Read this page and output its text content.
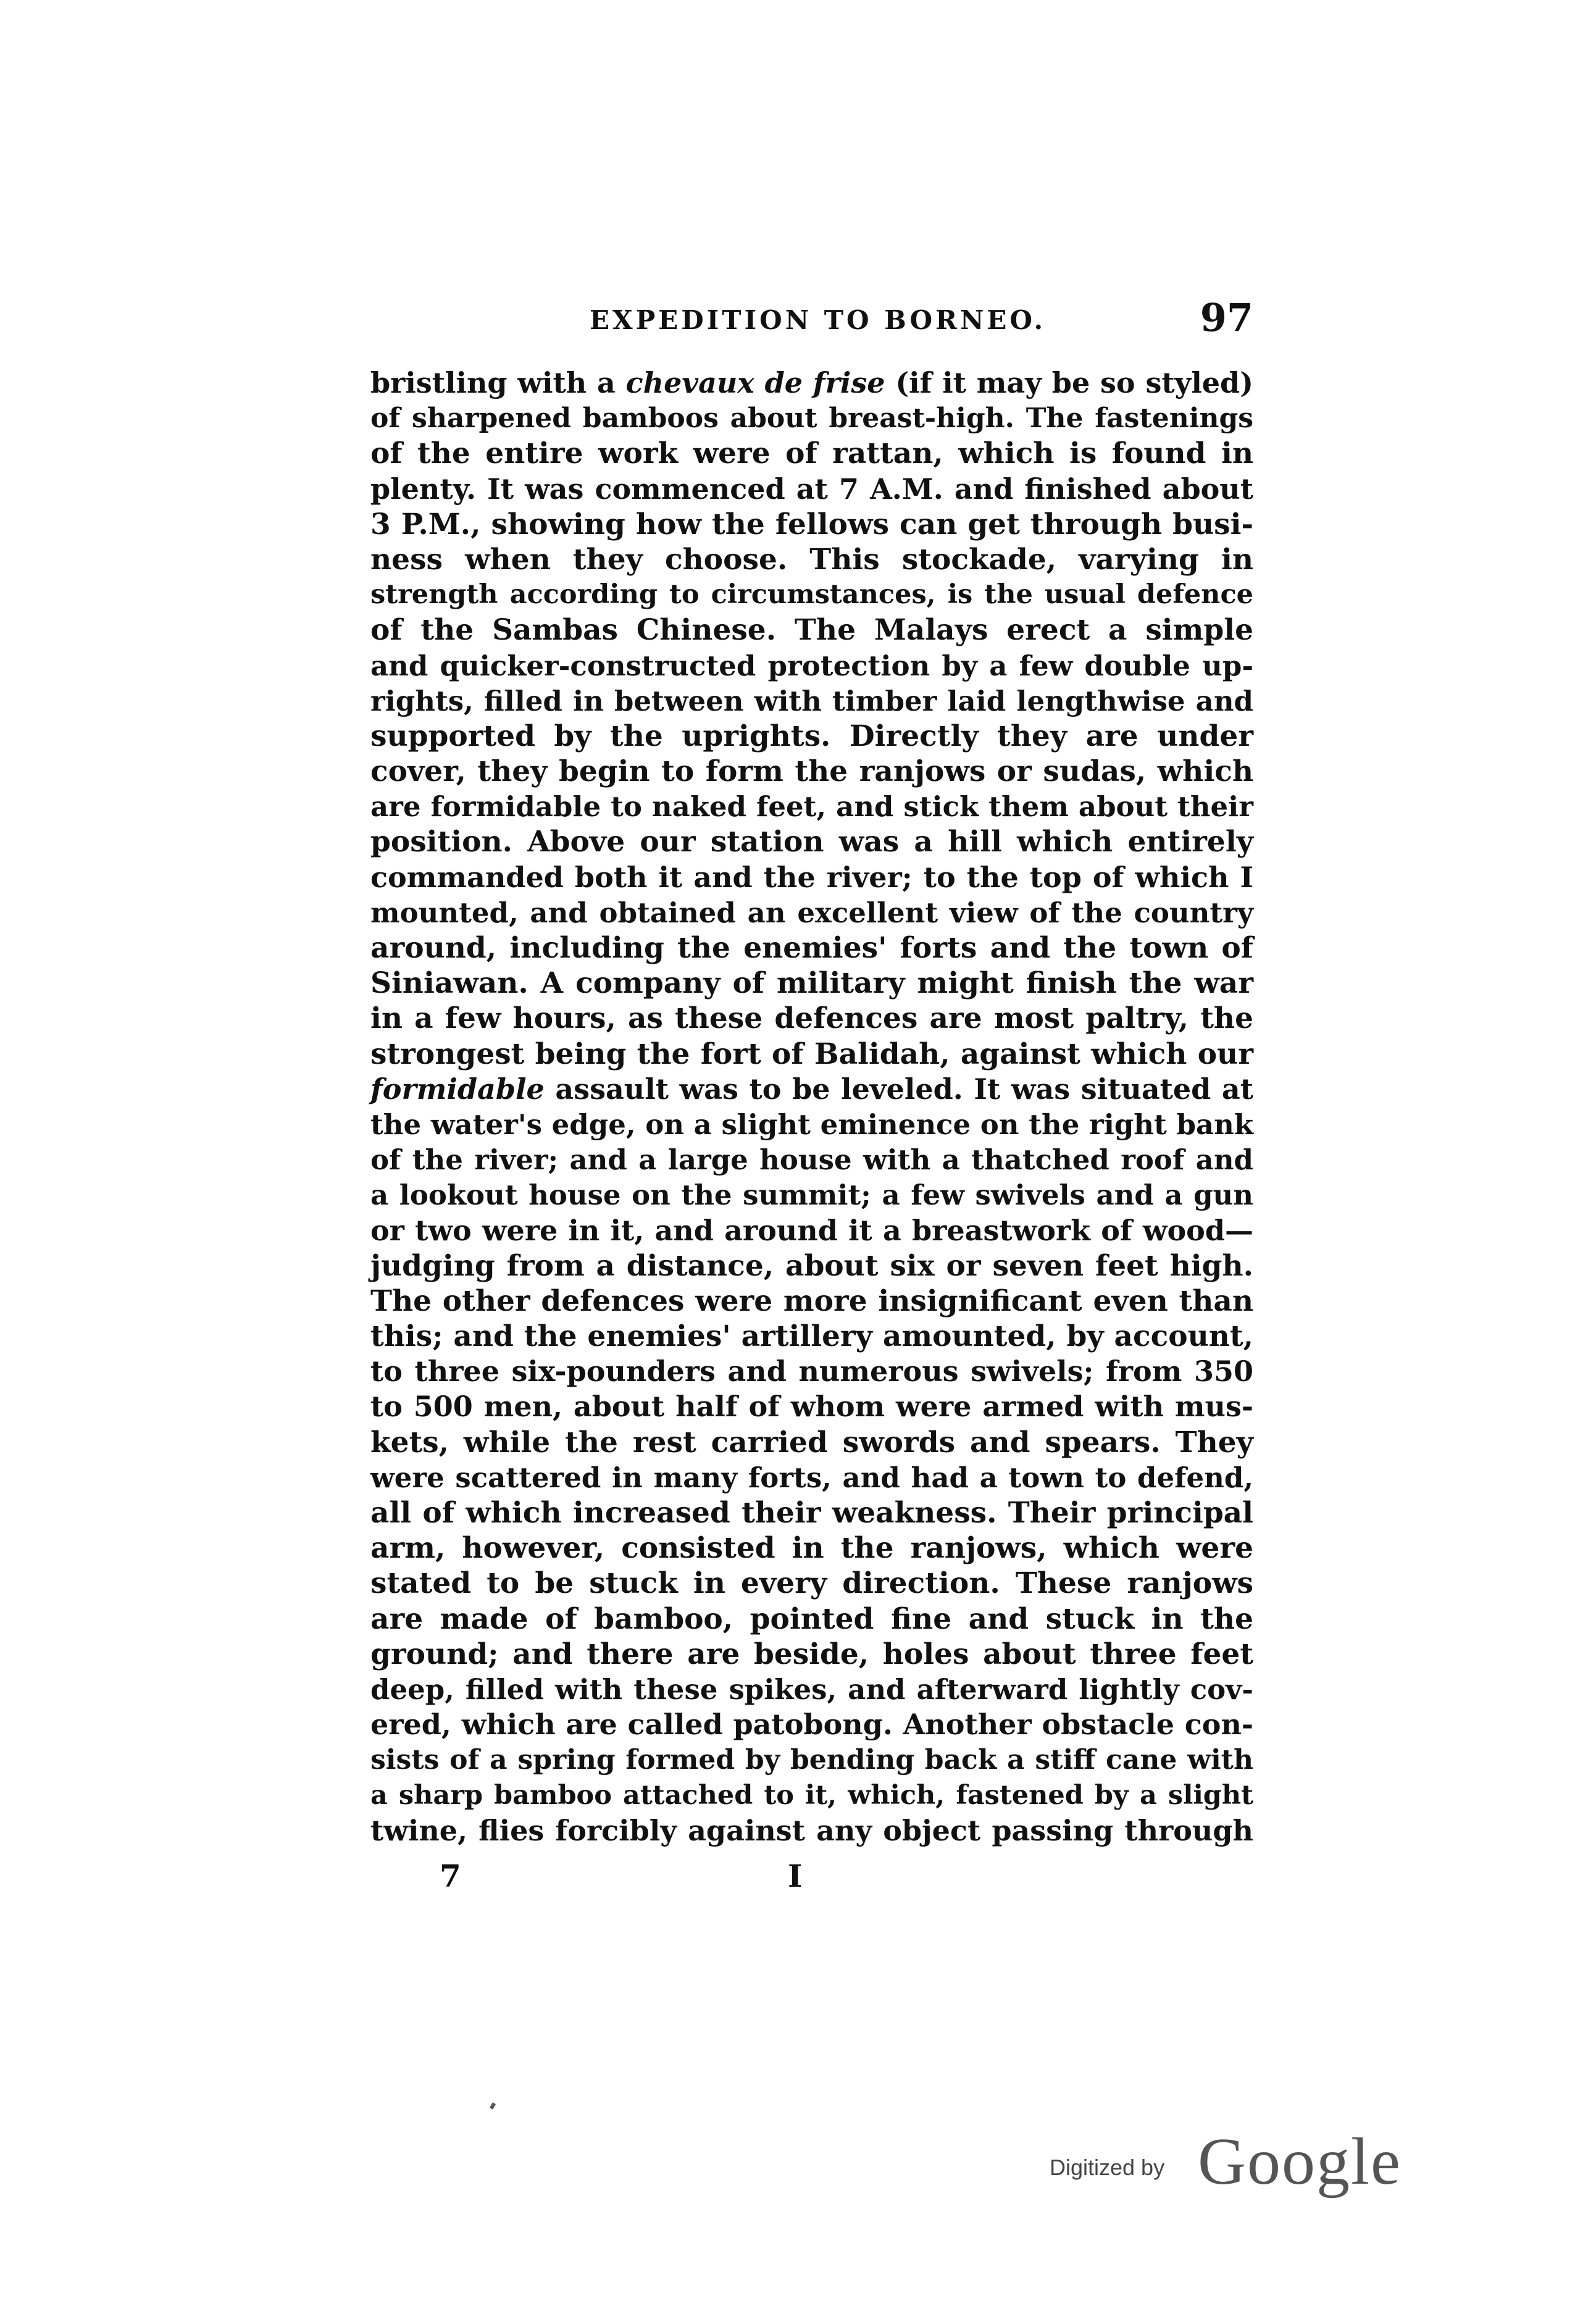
EXPEDITION TO BORNEO.	97
bristling with a chevaux de frise (if it may be so styled)
of sharpened bamboos about breast-high. The fastenings
of the entire work were of rattan, which is found in
plenty. It was commenced at 7 A.M. and finished about
3 P.M., showing how the fellows can get through busi-
ness when they choose. This stockade, varying in
strength according to circumstances, is the usual defence
of the Sambas Chinese. The Malays erect a simple
and quicker-constructed protection by a few double up-
rights, filled in between with timber laid lengthwise and
supported by the uprights. Directly they are under
cover, they begin to form the ranjows or sudas, which
are formidable to naked feet, and stick them about their
position. Above our station was a hill which entirely
commanded both it and the river; to the top of which I
mounted, and obtained an excellent view of the country
around, including the enemies' forts and the town of
Siniawan. A company of military might finish the war
in a few hours, as these defences are most paltry, the
strongest being the fort of Balidah, against which our
formidable assault was to be leveled. It was situated at
the water's edge, on a slight eminence on the right bank
of the river; and a large house with a thatched roof and
a lookout house on the summit; a few swivels and a gun
or two were in it, and around it a breastwork of wood—
judging from a distance, about six or seven feet high.
The other defences were more insignificant even than
this; and the enemies' artillery amounted, by account,
to three six-pounders and numerous swivels; from 350
to 500 men, about half of whom were armed with mus-
kets, while the rest carried swords and spears. They
were scattered in many forts, and had a town to defend,
all of which increased their weakness. Their principal
arm, however, consisted in the ranjows, which were
stated to be stuck in every direction. These ranjows
are made of bamboo, pointed fine and stuck in the
ground; and there are beside, holes about three feet
deep, filled with these spikes, and afterward lightly cov-
ered, which are called patobong. Another obstacle con-
sists of a spring formed by bending back a stiff cane with
a sharp bamboo attached to it, which, fastened by a slight
twine, flies forcibly against any object passing through
7	I
Digitized by Google
